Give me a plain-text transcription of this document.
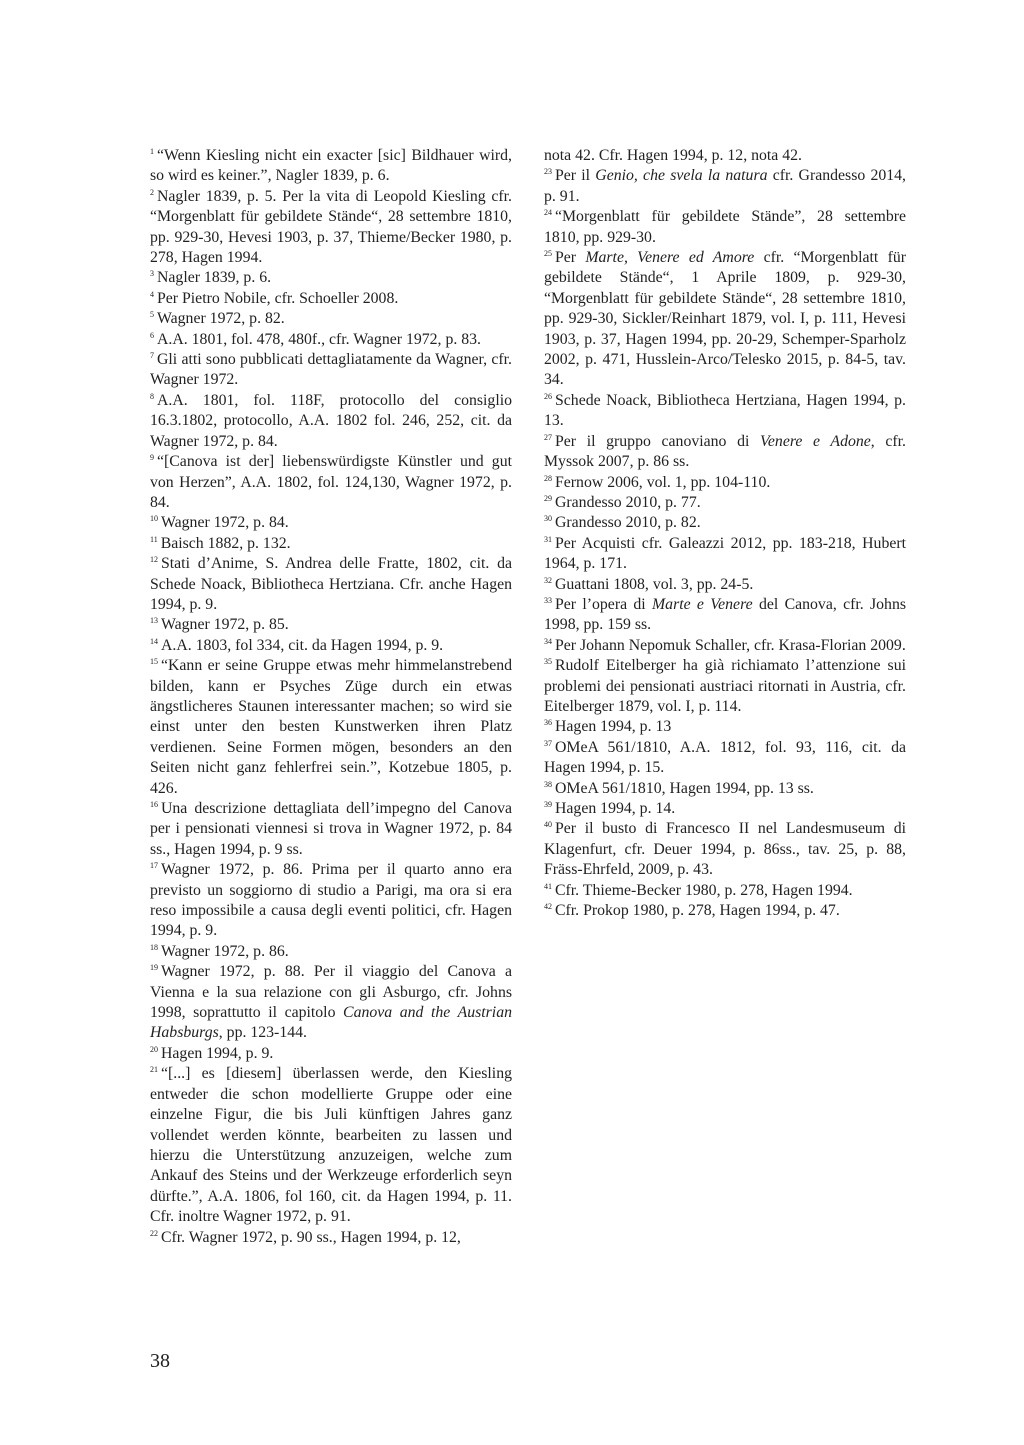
$^1$ “Wenn Kiesling nicht ein exacter [sic] Bildhauer wird, so wird es keiner.”, Nagler 1839, p. 6.

$^2$ Nagler 1839, p. 5. Per la vita di Leopold Kiesling cfr. “Morgenblatt für gebildete Stände“, 28 settembre 1810, pp. 929-30, Hevesi 1903, p. 37, Thieme/Becker 1980, p. 278, Hagen 1994.

$^3$ Nagler 1839, p. 6.

$^4$ Per Pietro Nobile, cfr. Schoeller 2008.

$^5$ Wagner 1972, p. 82.

$^6$ A.A. 1801, fol. 478, 480f., cfr. Wagner 1972, p. 83.

$^7$ Gli atti sono pubblicati dettagliatamente da Wagner, cfr. Wagner 1972.

$^8$ A.A. 1801, fol. 118F, protocollo del consiglio 16.3.1802, protocollo, A.A. 1802 fol. 246, 252, cit. da Wagner 1972, p. 84.

$^9$ “[Canova ist der] liebenswürdigste Künstler und gut von Herzen”, A.A. 1802, fol. 124,130, Wagner 1972, p. 84.

$^{10}$ Wagner 1972, p. 84.

$^{11}$ Baisch 1882, p. 132.

$^{12}$ Stati d’Anime, S. Andrea delle Fratte, 1802, cit. da Schede Noack, Bibliotheca Hertziana. Cfr. anche Hagen 1994, p. 9.

$^{13}$ Wagner 1972, p. 85.

$^{14}$ A.A. 1803, fol 334, cit. da Hagen 1994, p. 9.

$^{15}$ “Kann er seine Gruppe etwas mehr himmelanstrebend bilden, kann er Psyches Züge durch ein etwas ängstlicheres Staunen interessanter machen; so wird sie einst unter den besten Kunstwerken ihren Platz verdienen. Seine Formen mögen, besonders an den Seiten nicht ganz fehlerfrei sein.”, Kotzebue 1805, p. 426.

$^{16}$ Una descrizione dettagliata dell’impegno del Canova per i pensionati viennesi si trova in Wagner 1972, p. 84 ss., Hagen 1994, p. 9 ss.

$^{17}$ Wagner 1972, p. 86. Prima per il quarto anno era previsto un soggiorno di studio a Parigi, ma ora si era reso impossibile a causa degli eventi politici, cfr. Hagen 1994, p. 9.

$^{18}$ Wagner 1972, p. 86.

$^{19}$ Wagner 1972, p. 88. Per il viaggio del Canova a Vienna e la sua relazione con gli Asburgo, cfr. Johns 1998, soprattutto il capitolo Canova and the Austrian Habsburgs, pp. 123-144.

$^{20}$ Hagen 1994, p. 9.

$^{21}$ “[...] es [diesem] überlassen werde, den Kiesling entweder die schon modellierte Gruppe oder eine einzelne Figur, die bis Juli künftigen Jahres ganz vollendet werden könnte, bearbeiten zu lassen und hierzu die Unterstützung anzuzeigen, welche zum Ankauf des Steins und der Werkzeuge erforderlich seyn dürfte.”, A.A. 1806, fol 160, cit. da Hagen 1994, p. 11. Cfr. inoltre Wagner 1972, p. 91.

$^{22}$ Cfr. Wagner 1972, p. 90 ss., Hagen 1994, p. 12,

nota 42. Cfr. Hagen 1994, p. 12, nota 42.

$^{23}$ Per il Genio, che svela la natura cfr. Grandesso 2014, p. 91.

$^{24}$ “Morgenblatt für gebildete Stände”, 28 settembre 1810, pp. 929-30.

$^{25}$ Per Marte, Venere ed Amore cfr. “Morgenblatt für gebildete Stände“, 1 Aprile 1809, p. 929-30, “Morgenblatt für gebildete Stände“, 28 settembre 1810, pp. 929-30, Sickler/Reinhart 1879, vol. I, p. 111, Hevesi 1903, p. 37, Hagen 1994, pp. 20-29, Schemper-Sparholz 2002, p. 471, Husslein-Arco/Telesko 2015, p. 84-5, tav. 34.

$^{26}$ Schede Noack, Bibliotheca Hertziana, Hagen 1994, p. 13.

$^{27}$ Per il gruppo canoviano di Venere e Adone, cfr. Myssok 2007, p. 86 ss.

$^{28}$ Fernow 2006, vol. 1, pp. 104-110.

$^{29}$ Grandesso 2010, p. 77.

$^{30}$ Grandesso 2010, p. 82.

$^{31}$ Per Acquisti cfr. Galeazzi 2012, pp. 183-218, Hubert 1964, p. 171.

$^{32}$ Guattani 1808, vol. 3, pp. 24-5.

$^{33}$ Per l’opera di Marte e Venere del Canova, cfr. Johns 1998, pp. 159 ss.

$^{34}$ Per Johann Nepomuk Schaller, cfr. Krasa-Florian 2009.

$^{35}$ Rudolf Eitelberger ha già richiamato l’attenzione sui problemi dei pensionati austriaci ritornati in Austria, cfr. Eitelberger 1879, vol. I, p. 114.

$^{36}$ Hagen 1994, p. 13

$^{37}$ OMeA 561/1810, A.A. 1812, fol. 93, 116, cit. da Hagen 1994, p. 15.

$^{38}$ OMeA 561/1810, Hagen 1994, pp. 13 ss.

$^{39}$ Hagen 1994, p. 14.

$^{40}$ Per il busto di Francesco II nel Landesmuseum di Klagenfurt, cfr. Deuer 1994, p. 86ss., tav. 25, p. 88, Fräss-Ehrfeld, 2009, p. 43.

$^{41}$ Cfr. Thieme-Becker 1980, p. 278, Hagen 1994.

$^{42}$ Cfr. Prokop 1980, p. 278, Hagen 1994, p. 47.

38
